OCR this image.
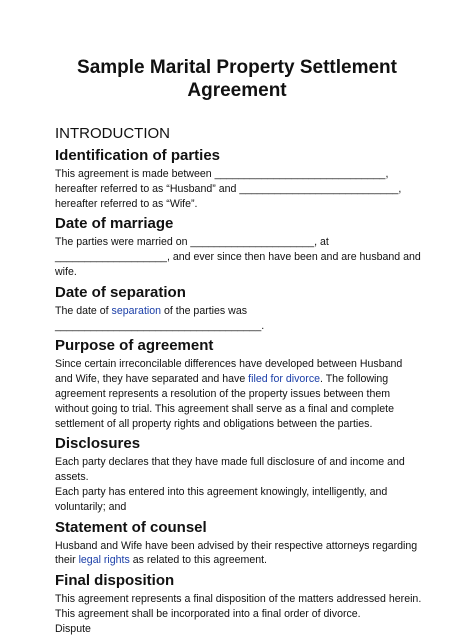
Sample Marital Property Settlement
Agreement
INTRODUCTION
Identification of parties

This agreement is made between _____________________________,
hereafter referred to as “Husband” and ___________________________,
hereafter referred to as “Wife”.

Date of marriage

The parties were married on _____________________, at
___________________, and ever since then have been and are husband and
wife.

Date of separation

The date of separation of the parties was
___________________________________.

Purpose of agreement

Since certain irreconcilable differences have developed between Husband
and Wife, they have separated and have filed for divorce. The following
agreement represents a resolution of the property issues between them
without going to trial. This agreement shall serve as a final and complete
settlement of all property rights and obligations between the parties.

Disclosures

Each party declares that they have made full disclosure of and income and
assets.
Each party has entered into this agreement knowingly, intelligently, and
voluntarily; and

Statement of counsel

Husband and Wife have been advised by their respective attorneys regarding
their legal rights as related to this agreement.

Final disposition

This agreement represents a final disposition of the matters addressed herein.
This agreement shall be incorporated into a final order of divorce.
Dispute
